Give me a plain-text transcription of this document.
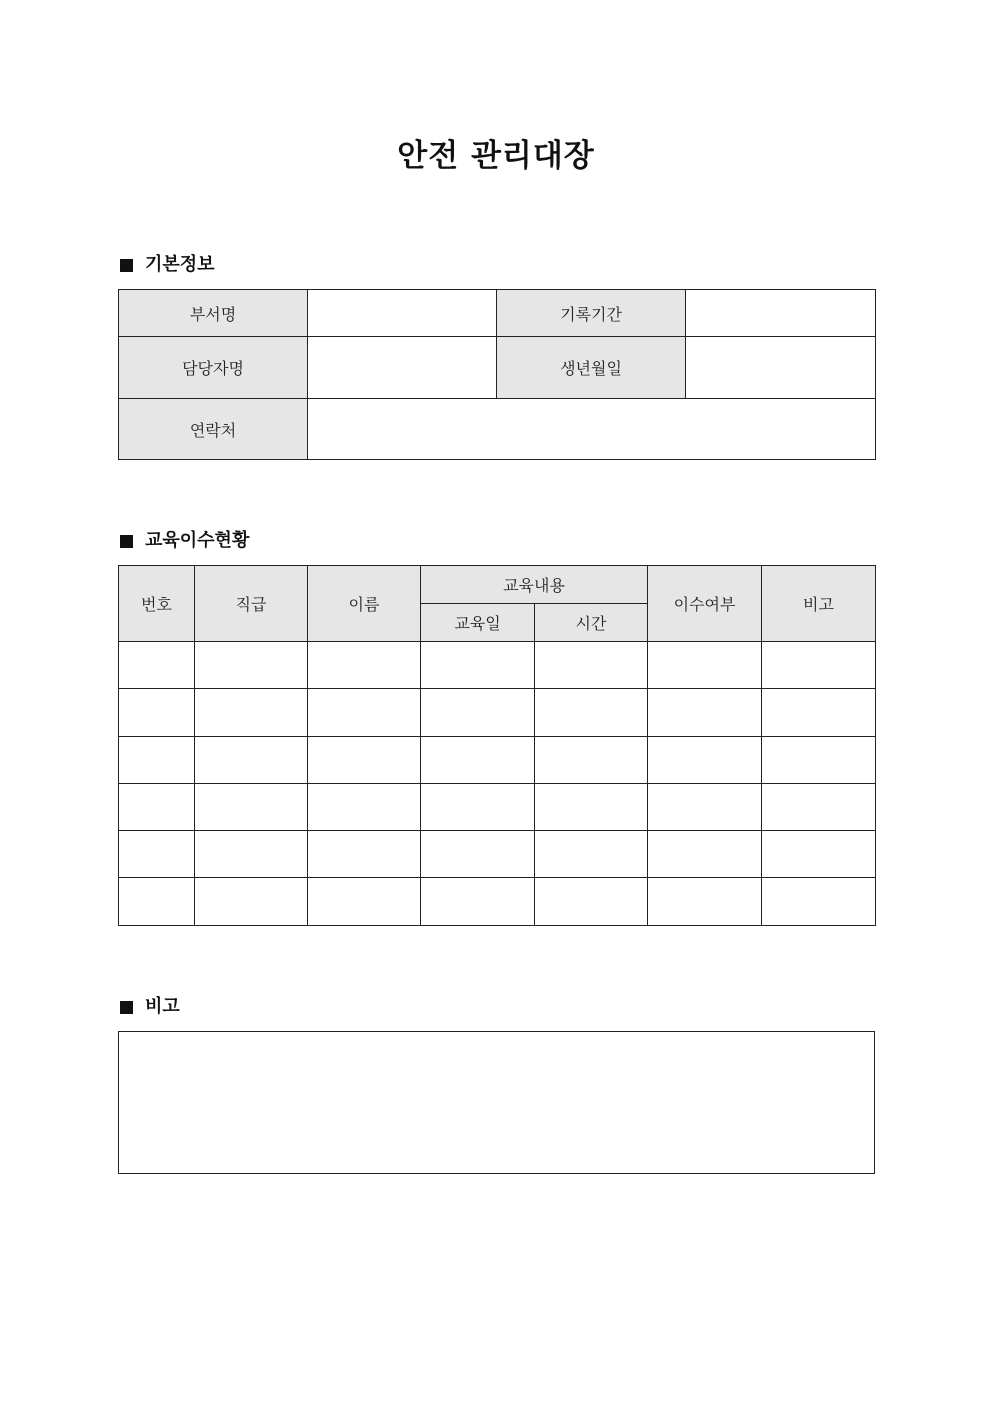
안전 관리대장
기본정보
부서명		기록기간	
담당자명		생년월일	
연락처			
교육이수현황
번호	직급	이름	교육내용		이수여부	비고
			교육일	시간		

비고
